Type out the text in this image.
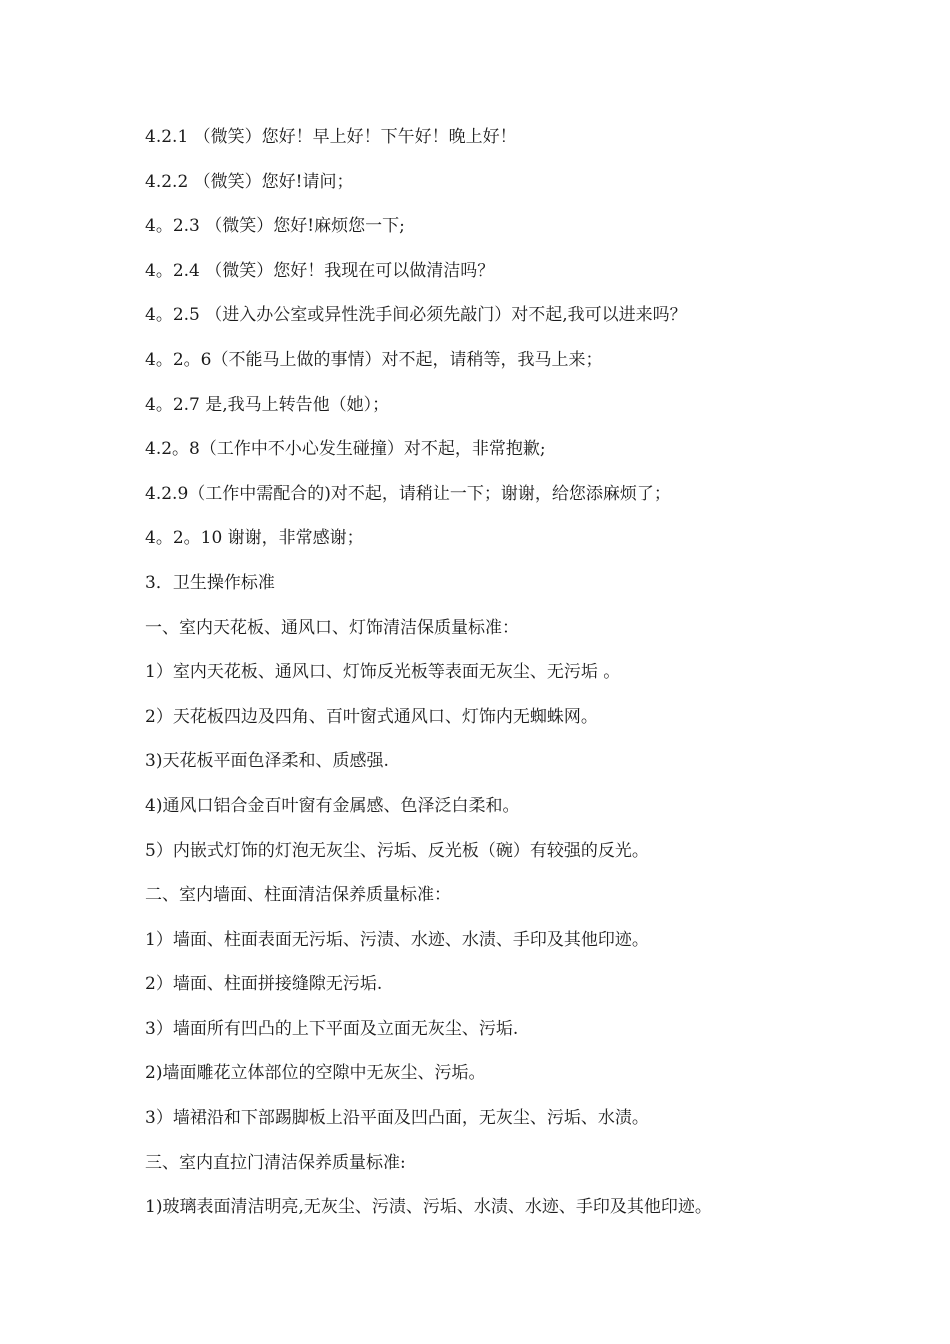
4.2.1 （微笑）您好！早上好！下午好！晚上好！
4.2.2 （微笑）您好!请问；
4。2.3 （微笑）您好!麻烦您一下;
4。2.4 （微笑）您好！我现在可以做清洁吗？
4。2.5 （进入办公室或异性洗手间必须先敲门）对不起,我可以进来吗？
4。2。6（不能马上做的事情）对不起，请稍等，我马上来；
4。2.7 是,我马上转告他（她）；
4.2。8（工作中不小心发生碰撞）对不起，非常抱歉;
4.2.9（工作中需配合的)对不起，请稍让一下；谢谢，给您添麻烦了；
4。2。10 谢谢，非常感谢；
3．卫生操作标准
一、室内天花板、通风口、灯饰清洁保质量标准：
1）室内天花板、通风口、灯饰反光板等表面无灰尘、无污垢 。
2）天花板四边及四角、百叶窗式通风口、灯饰内无蜘蛛网。
3)天花板平面色泽柔和、质感强.
4)通风口铝合金百叶窗有金属感、色泽泛白柔和。
5）内嵌式灯饰的灯泡无灰尘、污垢、反光板（碗）有较强的反光。
二、室内墙面、柱面清洁保养质量标准：
1）墙面、柱面表面无污垢、污渍、水迹、水渍、手印及其他印迹。
2）墙面、柱面拼接缝隙无污垢.
3）墙面所有凹凸的上下平面及立面无灰尘、污垢.
2)墙面雕花立体部位的空隙中无灰尘、污垢。
3）墙裙沿和下部踢脚板上沿平面及凹凸面，无灰尘、污垢、水渍。
三、室内直拉门清洁保养质量标准:
1)玻璃表面清洁明亮,无灰尘、污渍、污垢、水渍、水迹、手印及其他印迹。
